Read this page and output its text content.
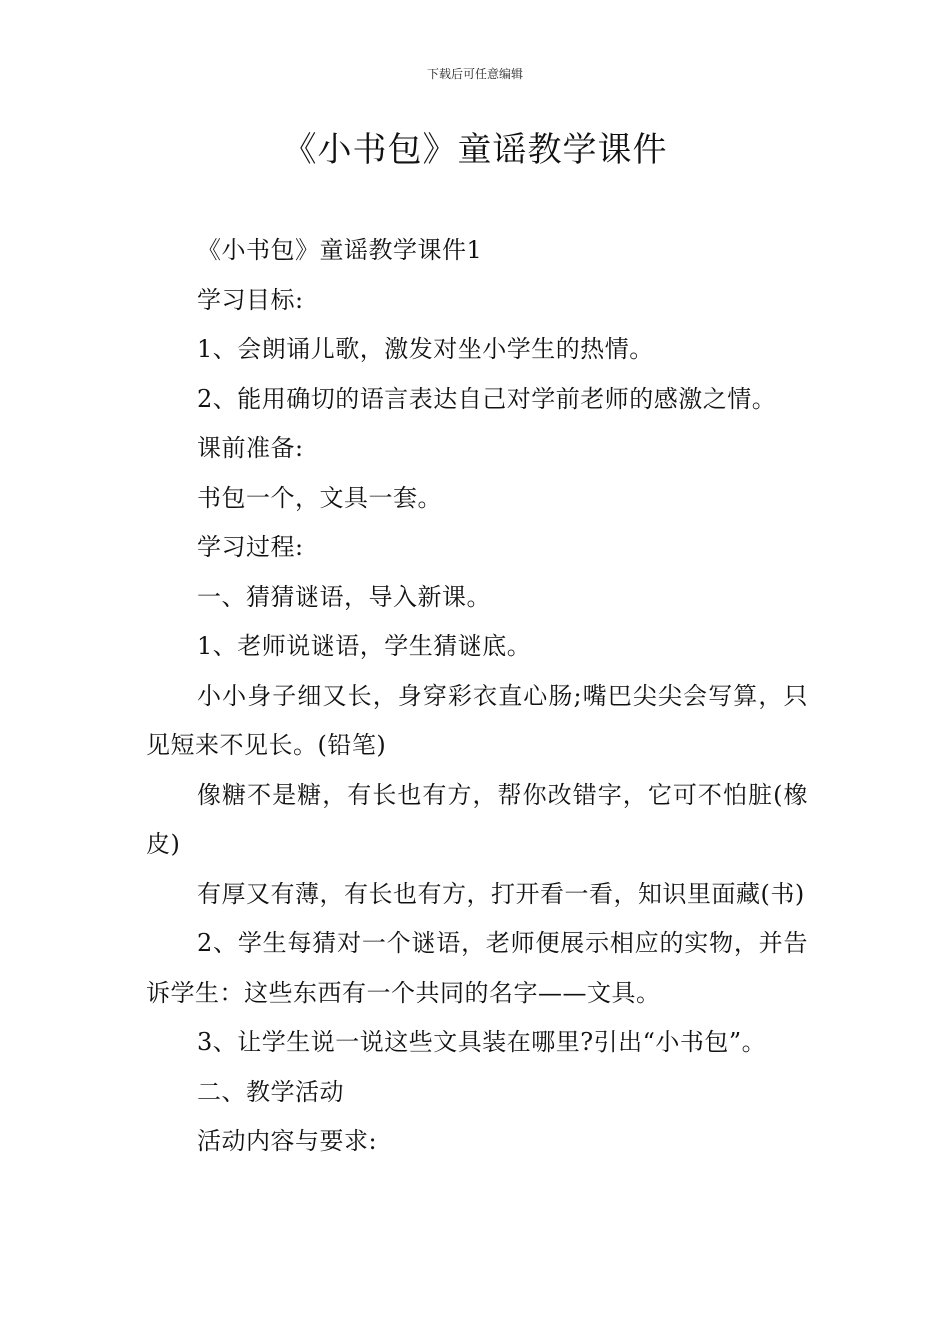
下载后可任意编辑
《小书包》童谣教学课件

《小书包》童谣教学课件1

学习目标:

1、会朗诵儿歌，激发对坐小学生的热情。

2、能用确切的语言表达自己对学前老师的感激之情。

课前准备:

书包一个，文具一套。

学习过程:

一、猜猜谜语，导入新课。

1、老师说谜语，学生猜谜底。

小小身子细又长，身穿彩衣直心肠;嘴巴尖尖会写算，只见短来不见长。(铅笔)

像糖不是糖，有长也有方，帮你改错字，它可不怕脏(橡皮)

有厚又有薄，有长也有方，打开看一看，知识里面藏(书)

2、学生每猜对一个谜语，老师便展示相应的实物，并告诉学生：这些东西有一个共同的名字——文具。

3、让学生说一说这些文具装在哪里?引出“小书包”。

二、教学活动

活动内容与要求:
